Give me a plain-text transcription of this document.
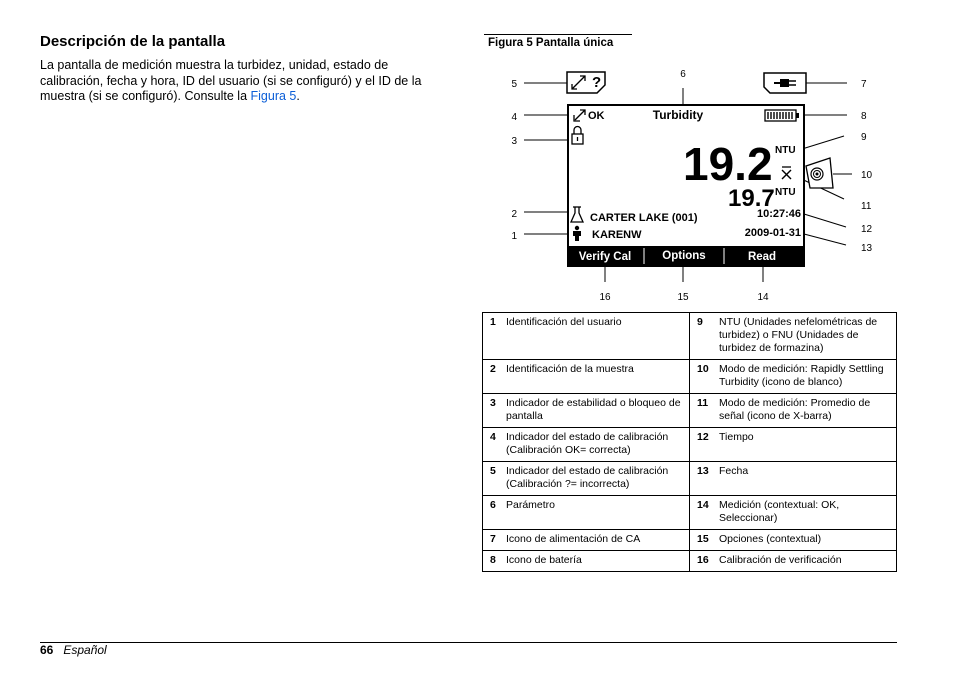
Descripción de la pantalla
La pantalla de medición muestra la turbidez, unidad, estado de calibración, fecha y hora, ID del usuario (si se configuró) y el ID de la muestra (si se configuró). Consulte la Figura 5.
Figura 5 Pantalla única
5
6
7
4	8
9
3
10
11
2
12
1
13
16	15	14
?
OK	Turbidity
19.2 NTU
19.7 NTU
CARTER LAKE (001)	10:27:46
KARENW	2009-01-31
Verify Cal	Options	Read
1 Identificación del usuario	9 NTU (Unidades nefelométricas de turbidez) o FNU (Unidades de turbidez de formazina)

2 Identificación de la muestra	10 Modo de medición: Rapidly Settling Turbidity (icono de blanco)

3 Indicador de estabilidad o bloqueo de pantalla	11 Modo de medición: Promedio de señal (icono de X-barra)

4 Indicador del estado de calibración (Calibración OK= correcta)	12 Tiempo

5 Indicador del estado de calibración (Calibración ?= incorrecta)	13 Fecha

6 Parámetro	14 Medición (contextual: OK, Seleccionar)

7 Icono de alimentación de CA	15 Opciones (contextual)

8 Icono de batería	16 Calibración de verificación
66 Español
